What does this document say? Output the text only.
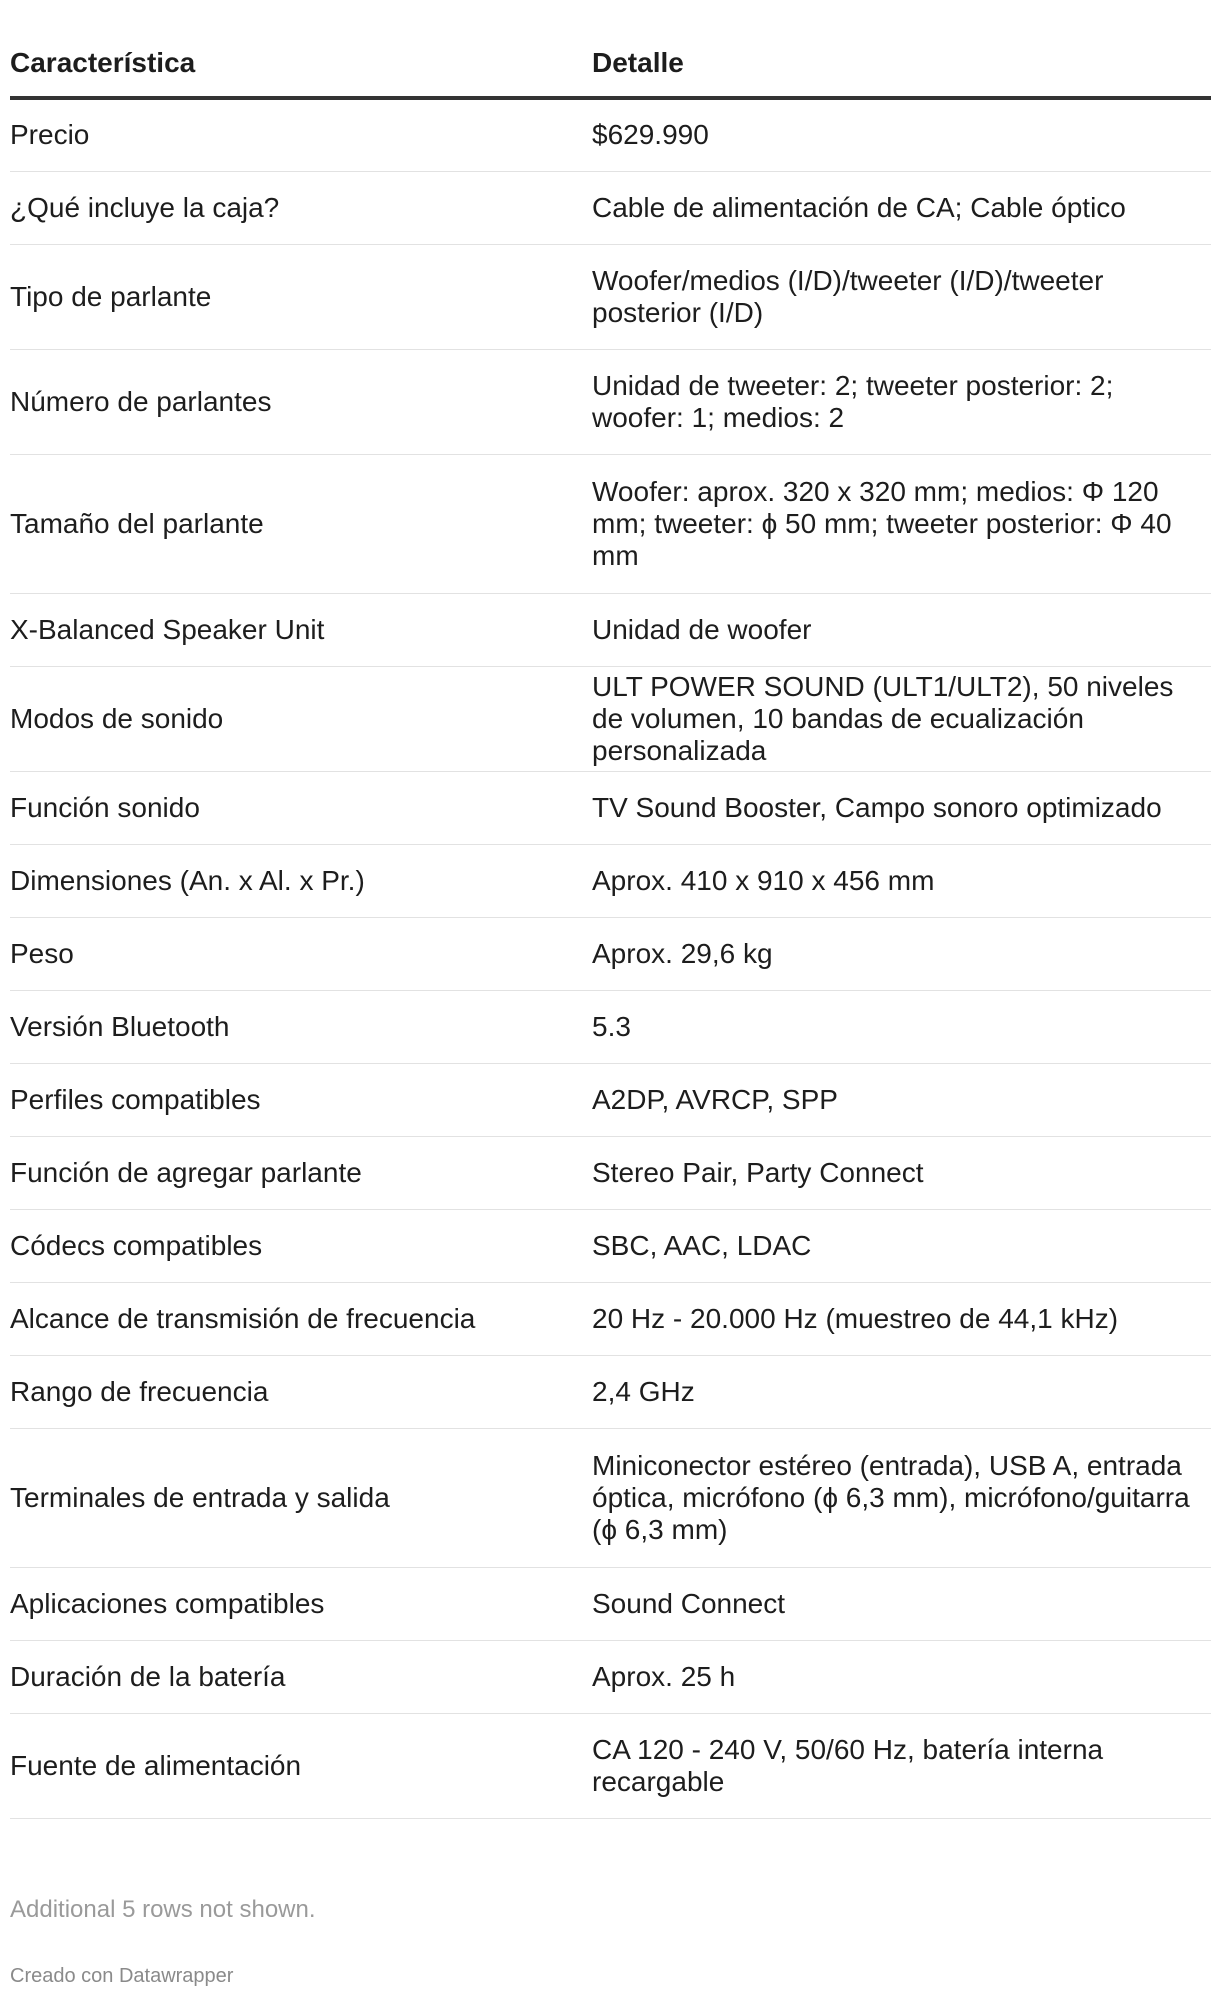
Característica	Detalle
Precio	$629.990
¿Qué incluye la caja?	Cable de alimentación de CA; Cable óptico
Tipo de parlante	Woofer/medios (I/D)/tweeter (I/D)/tweeter posterior (I/D)
Número de parlantes	Unidad de tweeter: 2; tweeter posterior: 2; woofer: 1; medios: 2
Tamaño del parlante	Woofer: aprox. 320 x 320 mm; medios: Φ 120 mm; tweeter: ϕ 50 mm; tweeter posterior: Φ 40 mm
X-Balanced Speaker Unit	Unidad de woofer
Modos de sonido	ULT POWER SOUND (ULT1/ULT2), 50 niveles de volumen, 10 bandas de ecualización personalizada
Función sonido	TV Sound Booster, Campo sonoro optimizado
Dimensiones (An. x Al. x Pr.)	Aprox. 410 x 910 x 456 mm
Peso	Aprox. 29,6 kg
Versión Bluetooth	5.3
Perfiles compatibles	A2DP, AVRCP, SPP
Función de agregar parlante	Stereo Pair, Party Connect
Códecs compatibles	SBC, AAC, LDAC
Alcance de transmisión de frecuencia	20 Hz - 20.000 Hz (muestreo de 44,1 kHz)
Rango de frecuencia	2,4 GHz
Terminales de entrada y salida	Miniconector estéreo (entrada), USB A, entrada óptica, micrófono (ϕ 6,3 mm), micrófono/guitarra (ϕ 6,3 mm)
Aplicaciones compatibles	Sound Connect
Duración de la batería	Aprox. 25 h
Fuente de alimentación	CA 120 - 240 V, 50/60 Hz, batería interna recargable
Additional 5 rows not shown.
Creado con Datawrapper
